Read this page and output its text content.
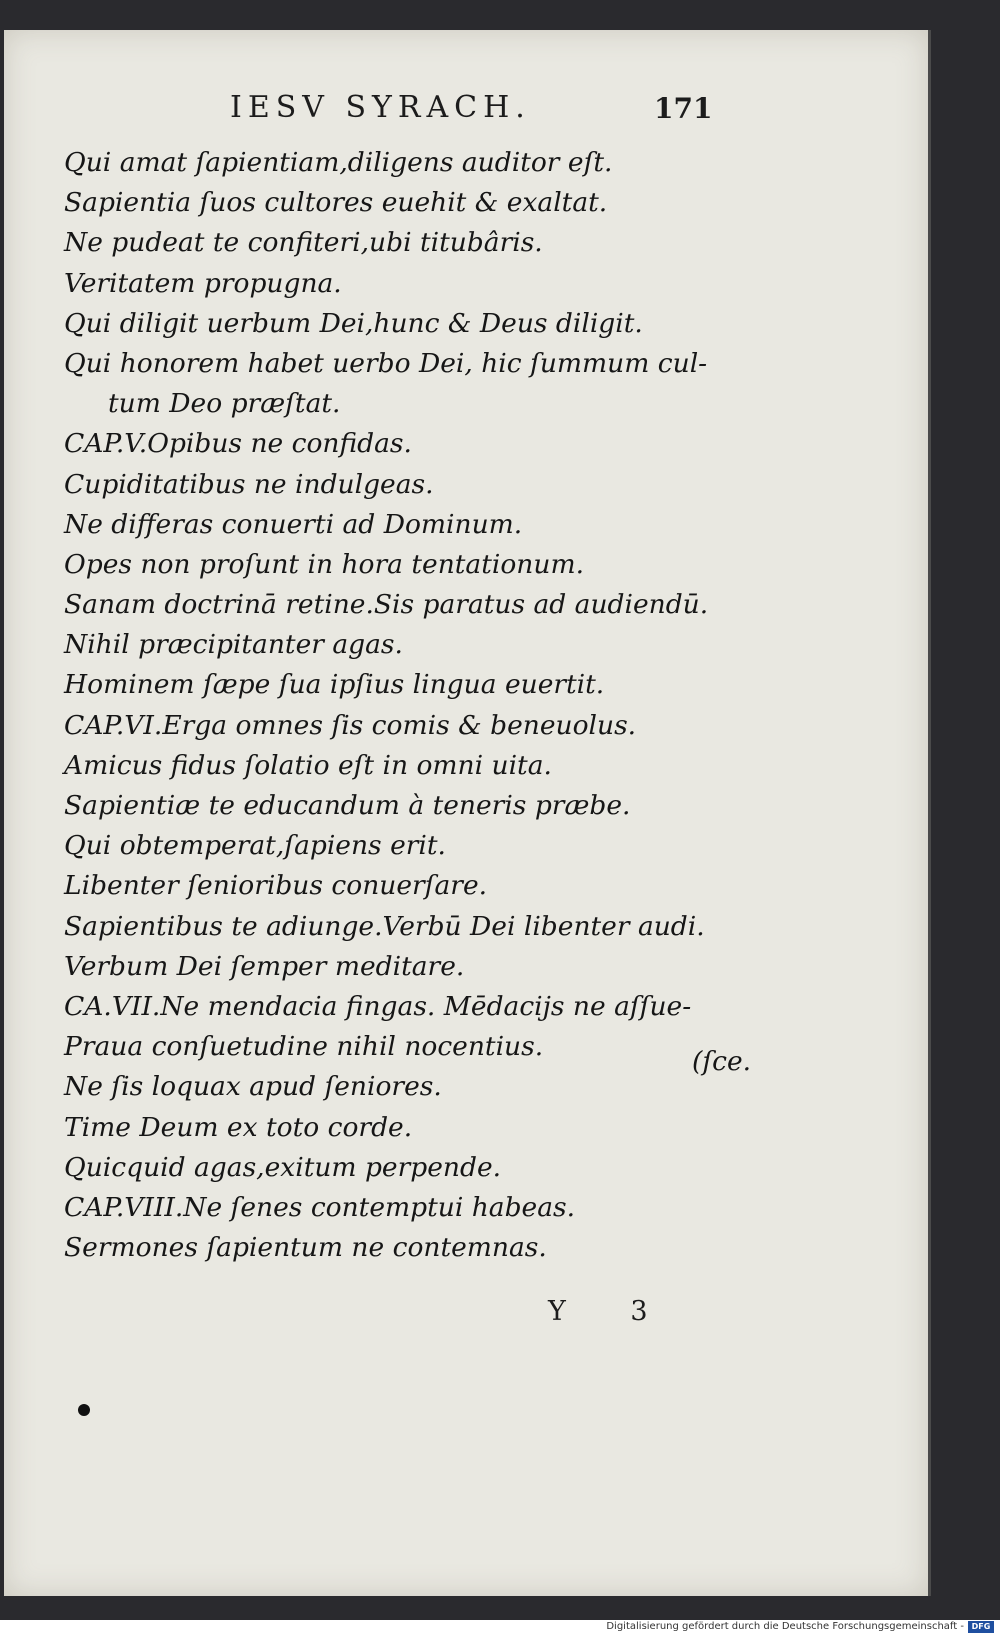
IESV SYRACH.	171
Qui amat ſapientiam,diligens auditor eſt.
Sapientia ſuos cultores euehit & exaltat.
Ne pudeat te confiteri,ubi titubâris.
Veritatem propugna.
Qui diligit uerbum Dei,hunc & Deus diligit.
Qui honorem habet uerbo Dei, hic ſummum cul-
tum Deo præſtat.
CAP.V.Opibus ne confidas.
Cupiditatibus ne indulgeas.
Ne differas conuerti ad Dominum.
Opes non proſunt in hora tentationum.
Sanam doctrinā retine.Sis paratus ad audiendū.
Nihil præcipitanter agas.
Hominem ſæpe ſua ipſius lingua euertit.
CAP.VI.Erga omnes ſis comis & beneuolus.
Amicus fidus ſolatio eſt in omni uita.
Sapientiæ te educandum à teneris præbe.
Qui obtemperat,ſapiens erit.
Libenter ſenioribus conuerſare.
Sapientibus te adiunge.Verbū Dei libenter audi.
Verbum Dei ſemper meditare.
CA.VII.Ne mendacia fingas. Mēdacijs ne aſſue-
Praua conſuetudine nihil nocentius.
Ne ſis loquax apud ſeniores.
Time Deum ex toto corde.
Quicquid agas,exitum perpende.
CAP.VIII.Ne ſenes contemptui habeas.
Sermones ſapientum ne contemnas.
(ſce.
Y 3
Digitalisierung gefördert durch die Deutsche Forschungsgemeinschaft - DFG
